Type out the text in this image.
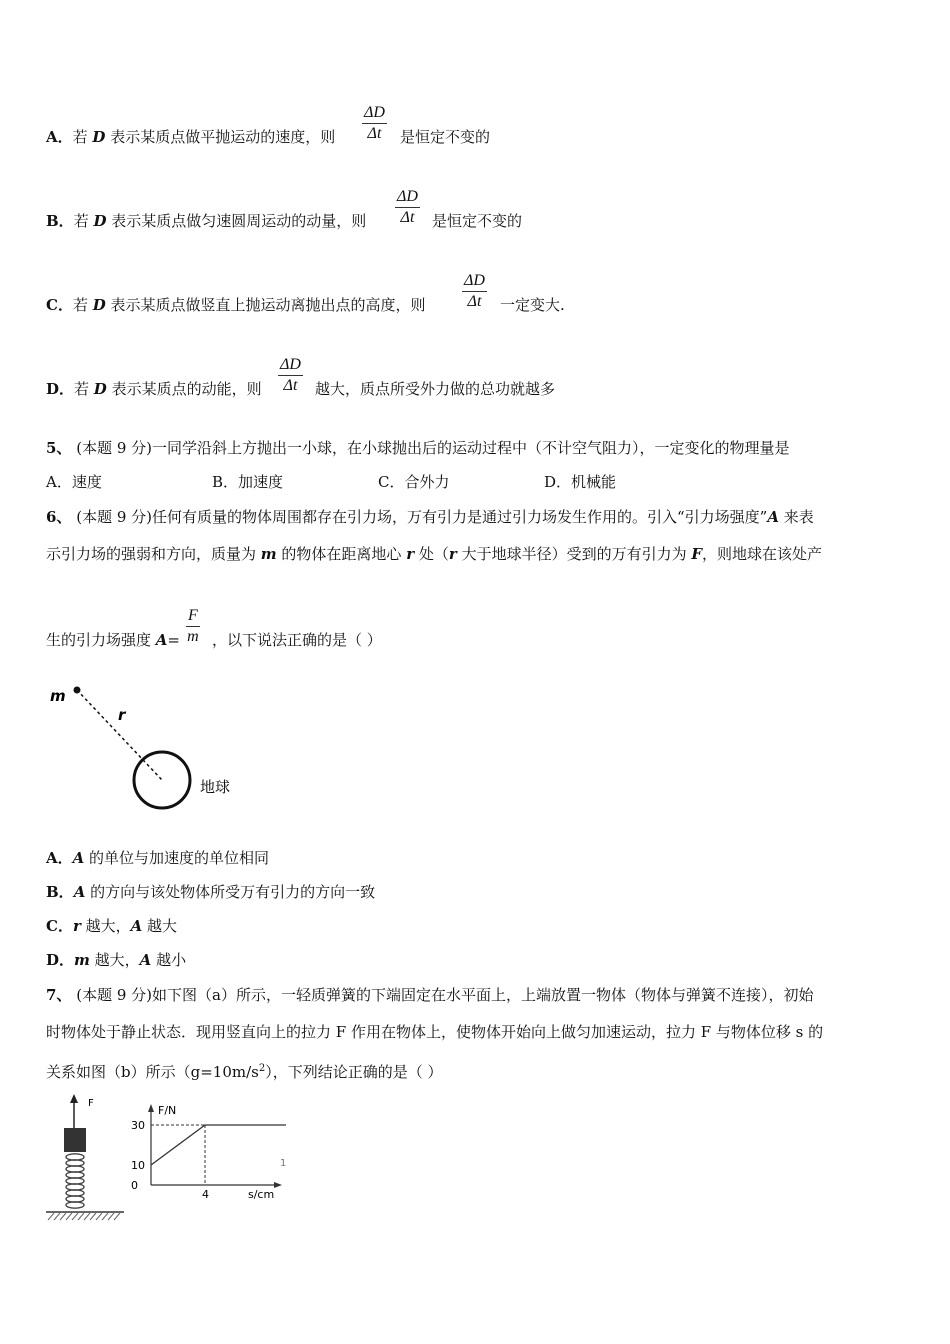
A．若 D 表示某质点做平抛运动的速度，则 $\frac{\Delta D}{\Delta t}$ 是恒定不变的
B．若 D 表示某质点做匀速圆周运动的动量，则 $\frac{\Delta D}{\Delta t}$ 是恒定不变的
C．若 D 表示某质点做竖直上抛运动离抛出点的高度，则 $\frac{\Delta D}{\Delta t}$ 一定变大.
D．若 D 表示某质点的动能，则 $\frac{\Delta D}{\Delta t}$ 越大，质点所受外力做的总功就越多
5、 (本题 9 分)一同学沿斜上方抛出一小球，在小球抛出后的运动过程中（不计空气阻力），一定变化的物理量是
A．速度	B．加速度	C．合外力	D．机械能
6、 (本题 9 分)任何有质量的物体周围都存在引力场，万有引力是通过引力场发生作用的。引入“引力场强度”A 来表
示引力场的强弱和方向，质量为 m 的物体在距离地心 r 处（r 大于地球半径）受到的万有引力为 F，则地球在该处产
生的引力场强度 $A= \frac{F}{m}$ ，以下说法正确的是（ ）
m
r
地球
A．A 的单位与加速度的单位相同
B．A 的方向与该处物体所受万有引力的方向一致
C．r 越大，A 越大
D．m 越大，A 越小
7、 (本题 9 分)如下图（a）所示，一轻质弹簧的下端固定在水平面上，上端放置一物体（物体与弹簧不连接），初始
时物体处于静止状态．现用竖直向上的拉力 F 作用在物体上，使物体开始向上做匀加速运动，拉力 F 与物体位移 s 的
关系如图（b）所示$(g=10m/s^2)$，下列结论正确的是（ ）
F
F/N
s/cm
1
30
10
0
4
